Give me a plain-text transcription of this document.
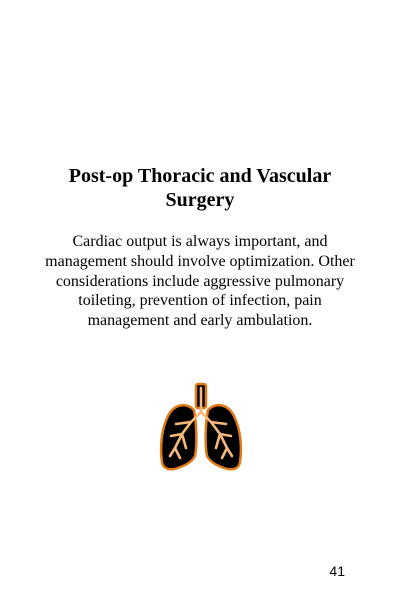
Post-op Thoracic and Vascular Surgery

Cardiac output is always important, and management should involve optimization. Other considerations include aggressive pulmonary toileting, prevention of infection, pain management and early ambulation.

41
